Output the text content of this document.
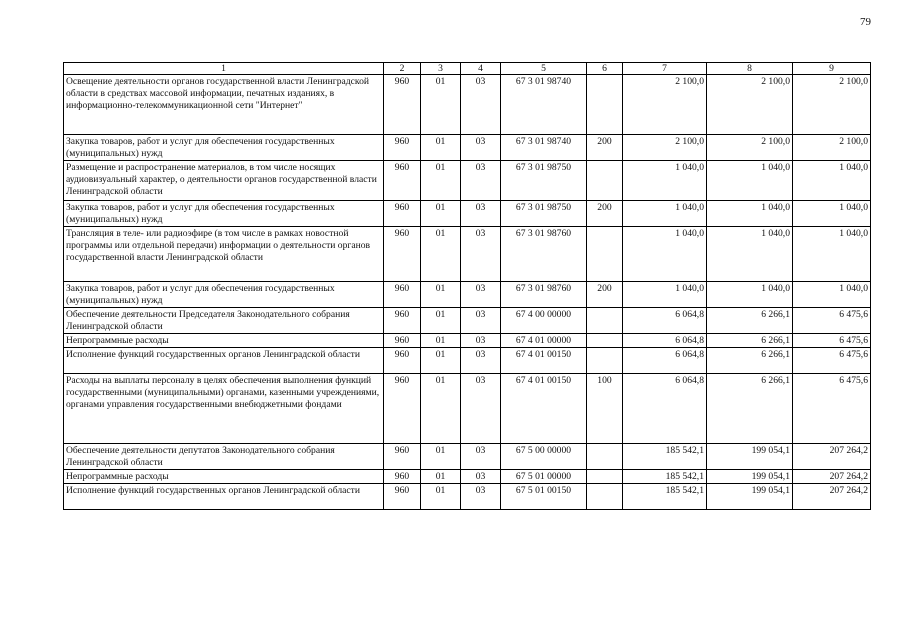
79
1	2	3	4	5	6	7	8	9
Освещение деятельности органов государственной власти Ленинградской области в средствах массовой информации, печатных изданиях, в информационно-телекоммуникационной сети "Интернет"	960	01	03	67 3 01 98740		2 100,0	2 100,0	2 100,0
Закупка товаров, работ и услуг для обеспечения государственных (муниципальных) нужд	960	01	03	67 3 01 98740	200	2 100,0	2 100,0	2 100,0
Размещение и распространение материалов, в том числе носящих аудиовизуальный характер, о деятельности органов государственной власти Ленинградской области	960	01	03	67 3 01 98750		1 040,0	1 040,0	1 040,0
Закупка товаров, работ и услуг для обеспечения государственных (муниципальных) нужд	960	01	03	67 3 01 98750	200	1 040,0	1 040,0	1 040,0
Трансляция в теле- или радиоэфире (в том числе в рамках новостной программы или отдельной передачи) информации о деятельности органов государственной власти Ленинградской области	960	01	03	67 3 01 98760		1 040,0	1 040,0	1 040,0
Закупка товаров, работ и услуг для обеспечения государственных (муниципальных) нужд	960	01	03	67 3 01 98760	200	1 040,0	1 040,0	1 040,0
Обеспечение деятельности Председателя Законодательного собрания Ленинградской области	960	01	03	67 4 00 00000		6 064,8	6 266,1	6 475,6
Непрограммные расходы	960	01	03	67 4 01 00000		6 064,8	6 266,1	6 475,6
Исполнение функций государственных органов Ленинградской области	960	01	03	67 4 01 00150		6 064,8	6 266,1	6 475,6
Расходы на выплаты персоналу в целях обеспечения выполнения функций государственными (муниципальными) органами, казенными учреждениями, органами управления государственными внебюджетными фондами	960	01	03	67 4 01 00150	100	6 064,8	6 266,1	6 475,6
Обеспечение деятельности депутатов Законодательного собрания Ленинградской области	960	01	03	67 5 00 00000		185 542,1	199 054,1	207 264,2
Непрограммные расходы	960	01	03	67 5 01 00000		185 542,1	199 054,1	207 264,2
Исполнение функций государственных органов Ленинградской области	960	01	03	67 5 01 00150		185 542,1	199 054,1	207 264,2
